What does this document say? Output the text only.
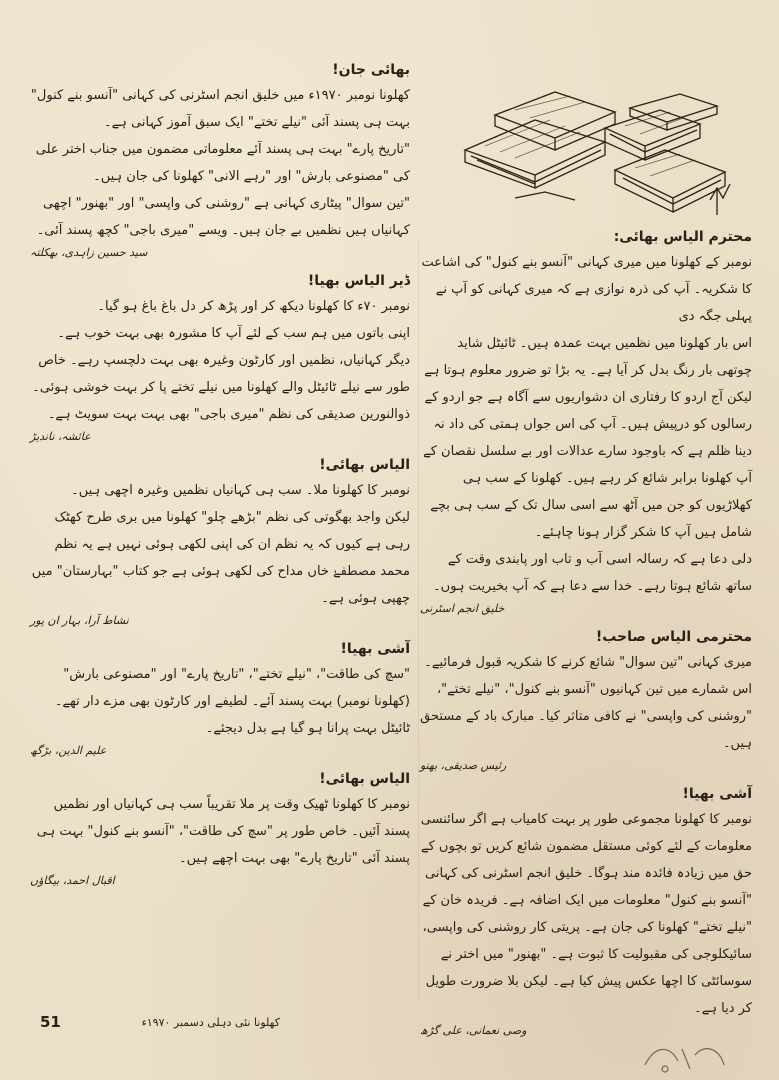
بھائی جان!

کھلونا نومبر ۱۹۷۰ء میں خلیق انجم اسٹرنی کی کہانی "آنسو بنے کنول" بہت ہی پسند آئی "نیلے تختے" ایک سبق آموز کہانی ہے۔

"تاریخ پارے" بہت ہی پسند آئے معلوماتی مضمون میں جناب اختر علی کی "مصنوعی بارش" اور "رہے الانی" کھلونا کی جان ہیں۔

"تین سوال" پیٹاری کہانی ہے "روشنی کی واپسی" اور "بھنور" اچھی کہانیاں ہیں نظمیں بے جان ہیں۔ ویسے "میری باجی" کچھ پسند آئی۔

سید حسین زاہدی، بھکلتہ

ڈیر الیاس بھیا!

نومبر ۷۰ء کا کھلونا دیکھ کر اور پڑھ کر دل باغ باغ ہو گیا۔

اپنی باتوں میں ہم سب کے لئے آپ کا مشورہ بھی بہت خوب ہے۔ دیگر کہانیاں، نظمیں اور کارٹون وغیرہ بھی بہت دلچسپ رہے۔ خاص طور سے نیلے ٹائیٹل والے کھلونا میں نیلے تختے پا کر بہت خوشی ہوئی۔

ذوالنورین صدیقی کی نظم "میری باجی" بھی بہت بہت سویٹ ہے۔

عائشہ، ناندیڑ

الیاس بھائی!

نومبر کا کھلونا ملا۔ سب ہی کہانیاں نظمیں وغیرہ اچھی ہیں۔

لیکن واجد بھگوتی کی نظم "بڑھے چلو" کھلونا میں بری طرح کھٹک رہی ہے کیوں کہ یہ نظم ان کی اپنی لکھی ہوئی نہیں ہے یہ نظم محمد مصطفےٰ خاں مداح کی لکھی ہوئی ہے جو کتاب "بہارستان" میں چھپی ہوئی ہے۔

نشاط آرا، بہار ان پور

آشی بھیا!

"سچ کی طاقت"، "نیلے تختے"، "تاریخ پارے" اور "مصنوعی بارش" (کھلونا نومبر) بہت پسند آئے۔ لطیفے اور کارٹون بھی مزے دار تھے۔ ٹائیٹل بہت پرانا ہو گیا ہے بدل دیجئے۔

علیم الدین، بڑگھ

الیاس بھائی!

نومبر کا کھلونا ٹھیک وقت پر ملا تقریباً سب ہی کہانیاں اور نظمیں پسند آئیں۔ خاص طور پر "سچ کی طاقت"، "آنسو بنے کنول" بہت ہی پسند آئی "تاریخ پارے" بھی بہت اچھے ہیں۔

اقبال احمد، بیگاؤں

محترم الیاس بھائی:

نومبر کے کھلونا میں میری کہانی "آنسو بنے کنول" کی اشاعت کا شکریہ۔ آپ کی ذرہ نوازی ہے کہ میری کہانی کو آپ نے پہلی جگہ دی

اس بار کھلونا میں نظمیں بہت عمدہ ہیں۔ ٹائیٹل شاید چوتھی بار رنگ بدل کر آیا ہے۔ یہ بڑا تو ضرور معلوم ہوتا ہے لیکن آج اردو کا رفتاری ان دشواریوں سے آگاہ ہے جو اردو کے رسالوں کو درپیش ہیں۔ آپ کی اس جواں ہمتی کی داد نہ دینا ظلم ہے کہ باوجود سارے عدالات اور بے سلسل نقصان کے آپ کھلونا برابر شائع کر رہے ہیں۔ کھلونا کے سب ہی کھلاڑیوں کو جن میں آٹھ سے اسی سال تک کے سب ہی بچے شامل ہیں آپ کا شکر گزار ہونا چاہئے۔

دلی دعا ہے کہ رسالہ اسی آب و تاب اور پابندی وقت کے ساتھ شائع ہوتا رہے۔ خدا سے دعا ہے کہ آپ بخیریت ہوں۔

خلیق انجم اسٹرنی

محترمی الیاس صاحب!

میری کہانی "تین سوال" شائع کرنے کا شکریہ قبول فرمائیے۔ اس شمارے میں تین کہانیوں "آنسو بنے کنول"، "نیلے تختے"، "روشنی کی واپسی" نے کافی متاثر کیا۔ مبارک باد کے مستحق ہیں۔

رئیس صدیقی، بھنو

آشی بھیا!

نومبر کا کھلونا مجموعی طور پر بہت کامیاب ہے اگر سائنسی معلومات کے لئے کوئی مستقل مضمون شائع کریں تو بچوں کے حق میں زیادہ فائدہ مند ہوگا۔ خلیق انجم اسٹرنی کی کہانی "آنسو بنے کنول" معلومات میں ایک اضافہ ہے۔ فریدہ خان کے "نیلے تختے" کھلونا کی جان ہے۔ پریتی کار روشنی کی واپسی، سائیکلوجی کی مقبولیت کا ثبوت ہے۔ "بھنور" میں اختر نے سوسائٹی کا اچھا عکس پیش کیا ہے۔ لیکن بلا ضرورت طویل کر دیا ہے۔

وصی نعمانی، علی گڑھ

کھلونا نئی دہلی دسمبر ۱۹۷۰ء
51
